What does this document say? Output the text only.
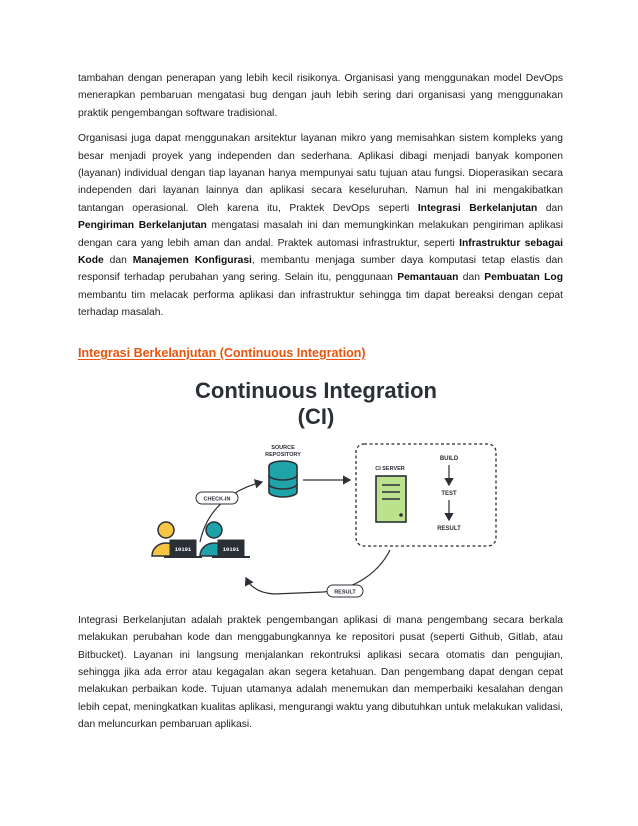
tambahan dengan penerapan yang lebih kecil risikonya. Organisasi yang menggunakan model DevOps menerapkan pembaruan mengatasi bug dengan jauh lebih sering dari organisasi yang menggunakan praktik pengembangan software tradisional.

Organisasi juga dapat menggunakan arsitektur layanan mikro yang memisahkan sistem kompleks yang besar menjadi proyek yang independen dan sederhana. Aplikasi dibagi menjadi banyak komponen (layanan) individual dengan tiap layanan hanya mempunyai satu tujuan atau fungsi. Dioperasikan secara independen dari layanan lainnya dan aplikasi secara keseluruhan. Namun hal ini mengakibatkan tantangan operasional. Oleh karena itu, Praktek DevOps seperti Integrasi Berkelanjutan dan Pengiriman Berkelanjutan mengatasi masalah ini dan memungkinkan melakukan pengiriman aplikasi dengan cara yang lebih aman dan andal. Praktek automasi infrastruktur, seperti Infrastruktur sebagai Kode dan Manajemen Konfigurasi, membantu menjaga sumber daya komputasi tetap elastis dan responsif terhadap perubahan yang sering. Selain itu, penggunaan Pemantauan dan Pembuatan Log membantu tim melacak performa aplikasi dan infrastruktur sehingga tim dapat bereaksi dengan cepat terhadap masalah.

Integrasi Berkelanjutan (Continuous Integration)
Continuous Integration
(CI)
SOURCE
REPOSITORY
CI SERVER
BUILD
TEST
RESULT
CHECK-IN
10101	10101
RESULT

Integrasi Berkelanjutan adalah praktek pengembangan aplikasi di mana pengembang secara berkala melakukan perubahan kode dan menggabungkannya ke repositori pusat (seperti Github, Gitlab, atau Bitbucket). Layanan ini langsung menjalankan rekontruksi aplikasi secara otomatis dan pengujian, sehingga jika ada error atau kegagalan akan segera ketahuan. Dan pengembang dapat dengan cepat melakukan perbaikan kode. Tujuan utamanya adalah menemukan dan memperbaiki kesalahan dengan lebih cepat, meningkatkan kualitas aplikasi, mengurangi waktu yang dibutuhkan untuk melakukan validasi, dan meluncurkan pembaruan aplikasi.
